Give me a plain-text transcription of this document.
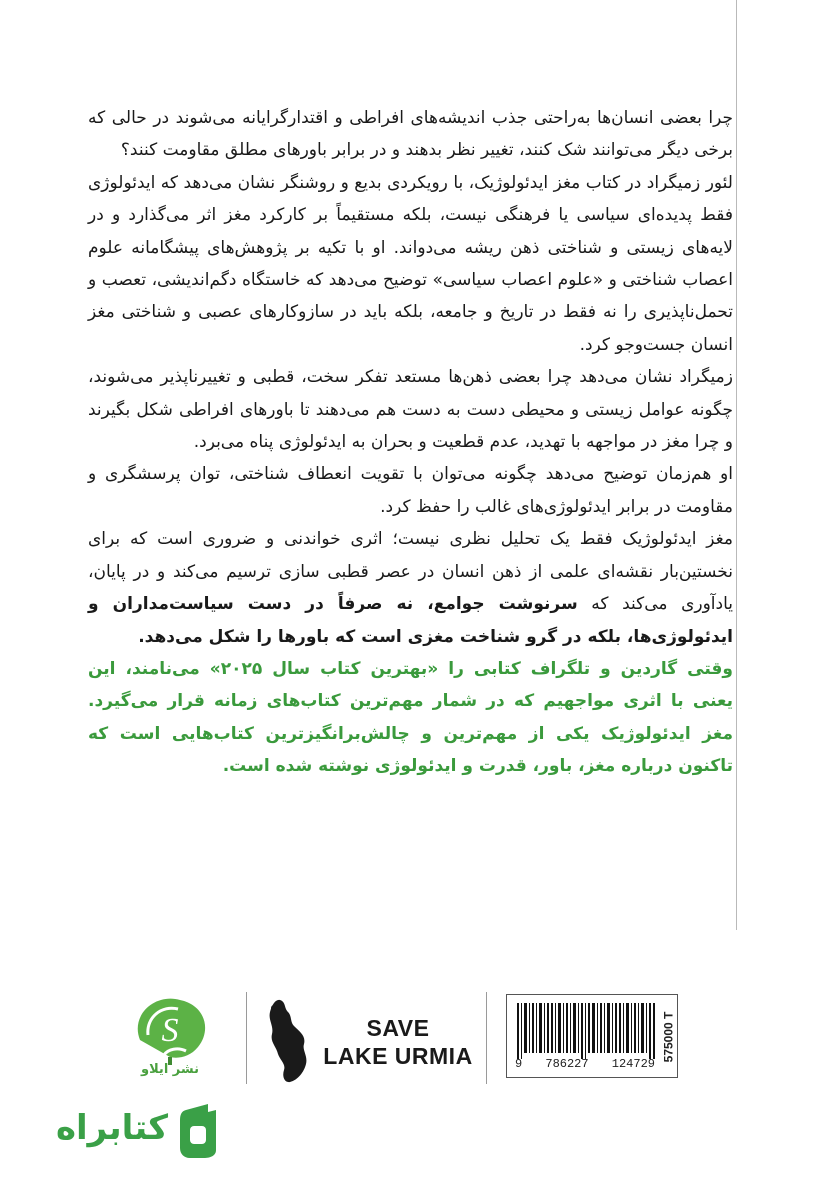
چرا بعضی انسان‌ها به‌راحتی جذب اندیشه‌های افراطی و اقتدارگرایانه می‌شوند در حالی که برخی دیگر می‌توانند شک کنند، تغییر نظر بدهند و در برابر باورهای مطلق مقاومت کنند؟

لئور زمیگراد در کتاب مغز ایدئولوژیک، با رویکردی بدیع و روشنگر نشان می‌دهد که ایدئولوژی فقط پدیده‌ای سیاسی یا فرهنگی نیست، بلکه مستقیماً بر کارکرد مغز اثر می‌گذارد و در لایه‌های زیستی و شناختی ذهن ریشه می‌دواند. او با تکیه بر پژوهش‌های پیشگامانه علوم اعصاب شناختی و «علوم اعصاب سیاسی» توضیح می‌دهد که خاستگاه دگم‌اندیشی، تعصب و تحمل‌ناپذیری را نه فقط در تاریخ و جامعه، بلکه باید در سازوکارهای عصبی و شناختی مغز انسان جست‌وجو کرد.

زمیگراد نشان می‌دهد چرا بعضی ذهن‌ها مستعد تفکر سخت، قطبی و تغییرناپذیر می‌شوند، چگونه عوامل زیستی و محیطی دست به دست هم می‌دهند تا باورهای افراطی شکل بگیرند و چرا مغز در مواجهه با تهدید، عدم قطعیت و بحران به ایدئولوژی پناه می‌برد.

او هم‌زمان توضیح می‌دهد چگونه می‌توان با تقویت انعطاف شناختی، توان پرسشگری و مقاومت در برابر ایدئولوژی‌های غالب را حفظ کرد.

مغز ایدئولوژیک فقط یک تحلیل نظری نیست؛ اثری خواندنی و ضروری است که برای نخستین‌بار نقشه‌ای علمی از ذهن انسان در عصر قطبی سازی ترسیم می‌کند و در پایان، یادآوری می‌کند که سرنوشت جوامع، نه صرفاً در دست سیاست‌مداران و ایدئولوژی‌ها، بلکه در گرو شناخت مغزی است که باورها را شکل می‌دهد.

وقتی گاردین و تلگراف کتابی را «بهترین کتاب سال ۲۰۲۵» می‌نامند، این یعنی با اثری مواجهیم که در شمار مهم‌ترین کتاب‌های زمانه قرار می‌گیرد. مغز ایدئولوژیک یکی از مهم‌ترین و چالش‌برانگیزترین کتاب‌هایی است که تاکنون درباره مغز، باور، قدرت و ایدئولوژی نوشته شده است.

S
نشر ایلاو
SAVE
LAKE URMIA	9 786227 124729
575000 T
کتابراه
